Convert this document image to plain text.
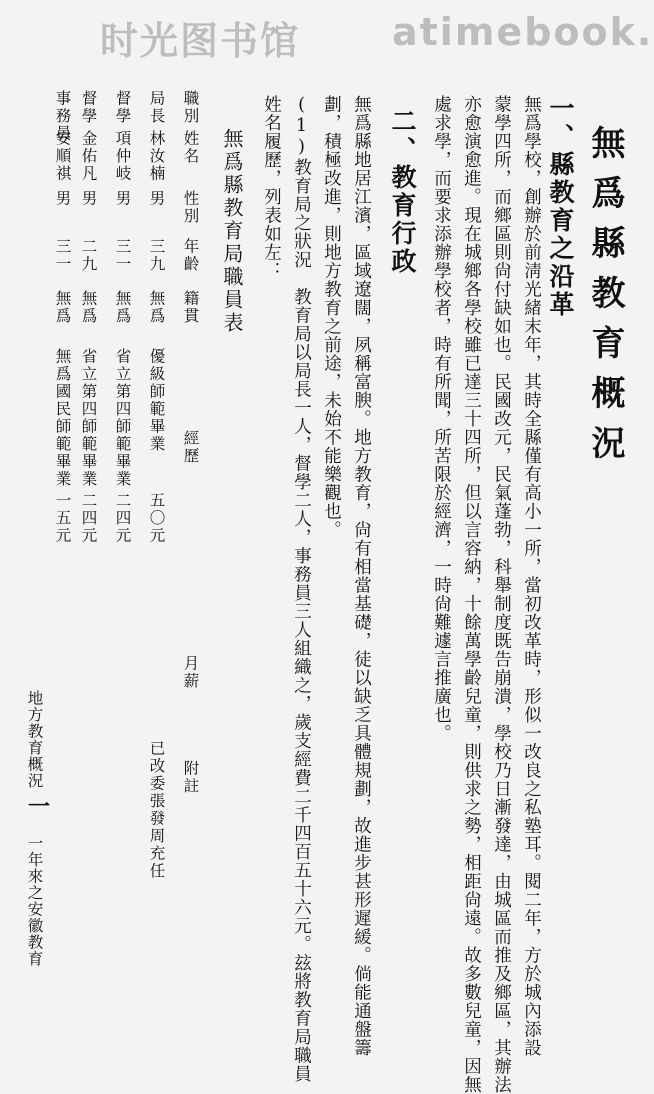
时光图书馆 atimebook.
無爲縣教育概況
一、縣教育之沿革
無爲學校，創辦於前淸光緒末年，其時全縣僅有高小一所，當初改革時，形似一改良之私塾耳。閱二年，方於城內添設
蒙學四所，而鄉區則尙付缺如也。民國改元，民氣蓬勃，科舉制度既告崩潰，學校乃日漸發達，由城區而推及鄉區，其辦法
亦愈演愈進。現在城鄉各學校雖已達三十四所，但以言容納，十餘萬學齡兒童，則供求之勢，相距尙遠。故多數兒童，因無
處求學，而要求添辦學校者，時有所聞，所苦限於經濟，一時尙難遽言推廣也。
二、教育行政
無爲縣地居江濱，區域遼闊，夙稱富腴。地方教育，尙有相當基礎，徒以缺乏具體規劃，故進步甚形遲緩。倘能通盤籌
劃，積極改進，則地方教育之前途，未始不能樂觀也。
(1)教育局之狀況　教育局以局長一人，督學二人，事務員三人組織之，歲支經費二千四百五十六元。玆將教育局職員
姓名履歷，列表如左：
無爲縣教育局職員表
職別
姓名
性別
年齡
籍貫
經歷
月薪
附註
局長
林汝楠
男
三九
無爲
優級師範畢業
五〇元
已改委張發周充任
督學
項仲岐
男
三一
無爲
省立第四師範畢業
二四元
督學
金佑凡
男
二九
無爲
省立第四師範畢業
二四元
事務員
安順祺
男
三一
無爲
無爲國民師範畢業
一五元
一年來之安徽教育
地方教育概況
一
